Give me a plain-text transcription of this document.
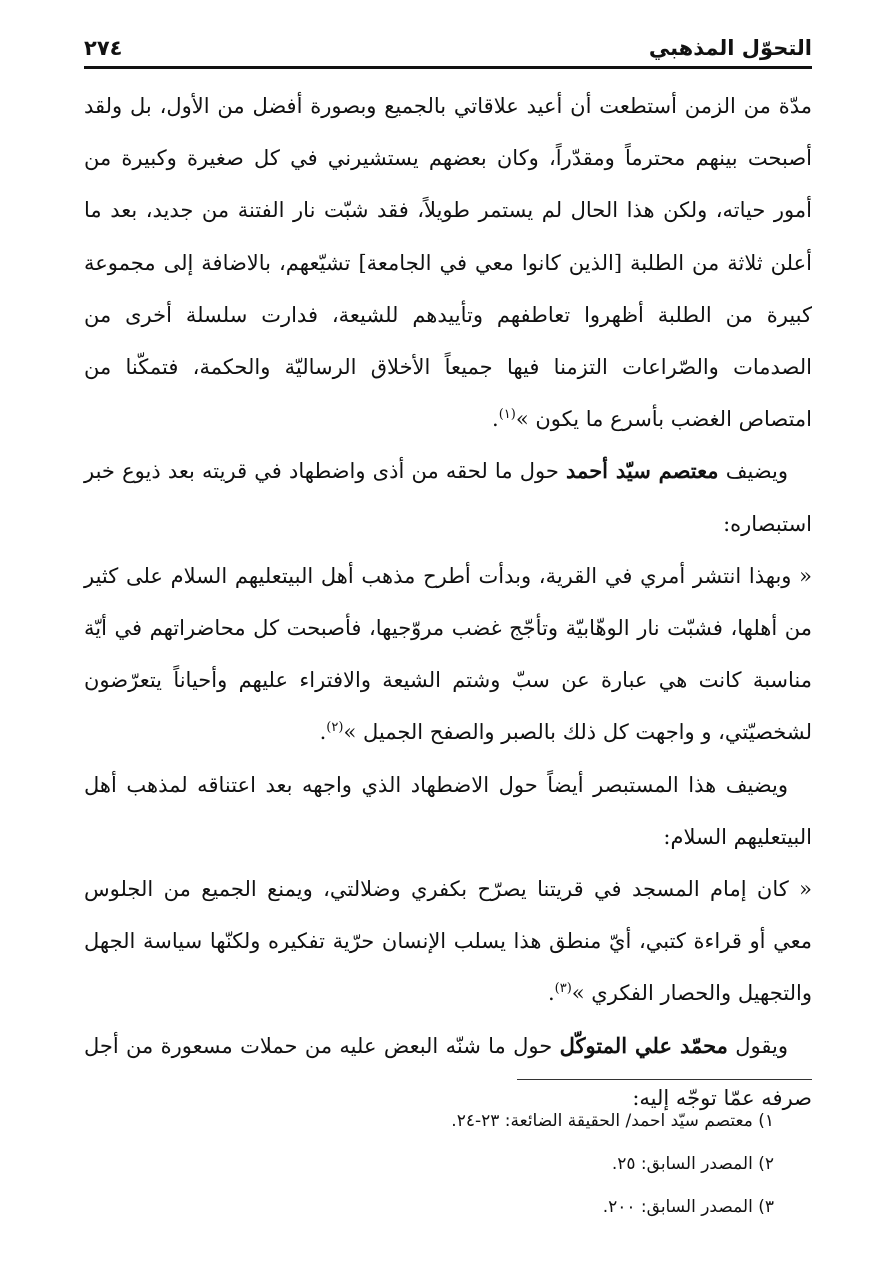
التحوّل المذهبي
٢٧٤

مدّة من الزمن أستطعت أن أعيد علاقاتي بالجميع وبصورة أفضل من الأول، بل ولقد أصبحت بينهم محترماً ومقدّراً، وكان بعضهم يستشيرني في كل صغيرة وكبيرة من أمور حياته، ولكن هذا الحال لم يستمر طويلاً، فقد شبّت نار الفتنة من جديد، بعد ما أعلن ثلاثة من الطلبة [الذين كانوا معي في الجامعة] تشيّعهم، بالاضافة إلى مجموعة كبيرة من الطلبة أظهروا تعاطفهم وتأييدهم للشيعة، فدارت سلسلة أخرى من الصدمات والصّراعات التزمنا فيها جميعاً الأخلاق الرساليّة والحكمة، فتمكّنا من امتصاص الغضب بأسرع ما يكون »$^{(١)}$.

ويضيف معتصم سيّد أحمد حول ما لحقه من أذى واضطهاد في قريته بعد ذيوع خبر استبصاره:

« وبهذا انتشر أمري في القرية، وبدأت أطرح مذهب أهل البيتعليهم السلام على كثير من أهلها، فشبّت نار الوهّابيّة وتأجّج غضب مروّجيها، فأصبحت كل محاضراتهم في أيّة مناسبة كانت هي عبارة عن سبّ وشتم الشيعة والافتراء عليهم وأحياناً يتعرّضون لشخصيّتي، و واجهت كل ذلك بالصبر والصفح الجميل »$^{(٢)}$.

ويضيف هذا المستبصر أيضاً حول الاضطهاد الذي واجهه بعد اعتناقه لمذهب أهل البيتعليهم السلام:

« كان إمام المسجد في قريتنا يصرّح بكفري وضلالتي، ويمنع الجميع من الجلوس معي أو قراءة كتبي، أيّ منطق هذا يسلب الإنسان حرّية تفكيره ولكنّها سياسة الجهل والتجهيل والحصار الفكري »$^{(٣)}$.

ويقول محمّد علي المتوكّل حول ما شنّه البعض عليه من حملات مسعورة من أجل صرفه عمّا توجّه إليه:

١) معتصم سيّد احمد/ الحقيقة الضائعة: ٢٣-٢٤.
٢) المصدر السابق: ٢٥.
٣) المصدر السابق: ٢٠٠.
